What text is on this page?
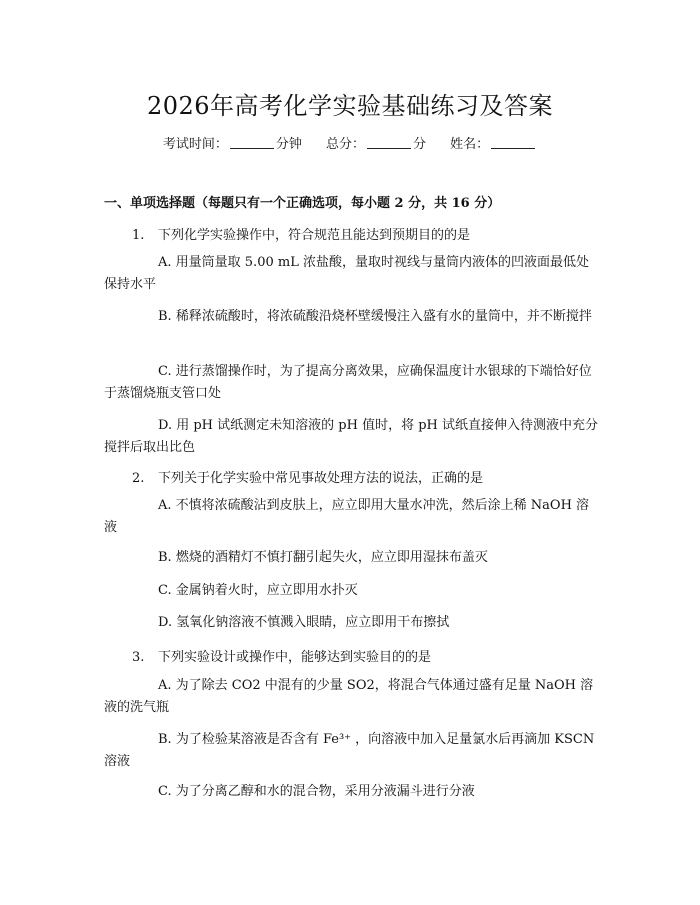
2026年高考化学实验基础练习及答案
考试时间：	分钟 总分：	分 姓名：
一、单项选择题（每题只有一个正确选项，每小题 2 分，共 16 分）
1. 下列化学实验操作中，符合规范且能达到预期目的的是
A. 用量筒量取 5.00 mL 浓盐酸，量取时视线与量筒内液体的凹液面最低处保持水平
B. 稀释浓硫酸时，将浓硫酸沿烧杯壁缓慢注入盛有水的量筒中，并不断搅拌
C. 进行蒸馏操作时，为了提高分离效果，应确保温度计水银球的下端恰好位于蒸馏烧瓶支管口处
D. 用 pH 试纸测定未知溶液的 pH 值时，将 pH 试纸直接伸入待测液中充分搅拌后取出比色
2. 下列关于化学实验中常见事故处理方法的说法，正确的是
A. 不慎将浓硫酸沾到皮肤上，应立即用大量水冲洗，然后涂上稀 NaOH 溶液
B. 燃烧的酒精灯不慎打翻引起失火，应立即用湿抹布盖灭
C. 金属钠着火时，应立即用水扑灭
D. 氢氧化钠溶液不慎溅入眼睛，应立即用干布擦拭
3. 下列实验设计或操作中，能够达到实验目的的是
A. 为了除去 CO2 中混有的少量 SO2，将混合气体通过盛有足量 NaOH 溶液的洗气瓶
B. 为了检验某溶液是否含有 Fe³⁺ ，向溶液中加入足量氯水后再滴加 KSCN 溶液
C. 为了分离乙醇和水的混合物，采用分液漏斗进行分液
